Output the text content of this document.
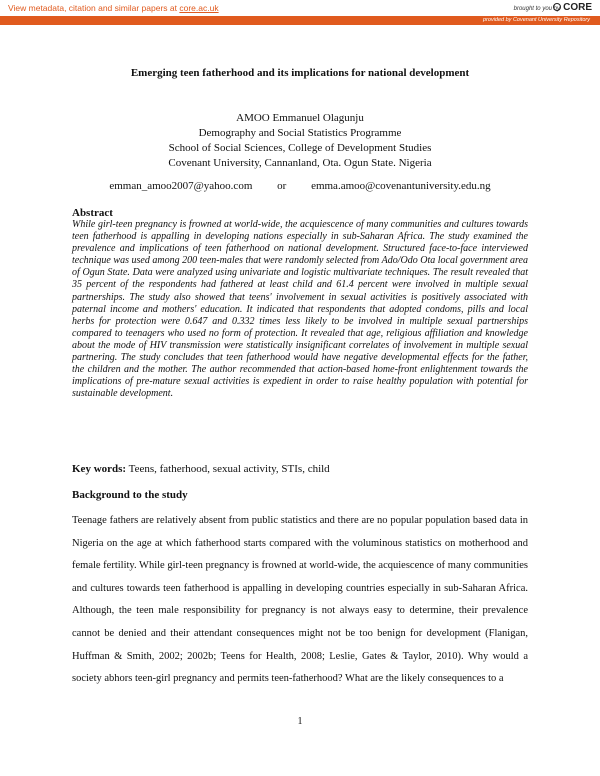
View metadata, citation and similar papers at core.ac.uk	brought to you by CORE
provided by Covenant University Repository
Emerging teen fatherhood and its implications for national development
AMOO Emmanuel Olagunju
Demography and Social Statistics Programme
School of Social Sciences, College of Development Studies
Covenant University, Cannanland, Ota. Ogun State. Nigeria
emman_amoo2007@yahoo.com or emma.amoo@covenantuniversity.edu.ng
Abstract
While girl-teen pregnancy is frowned at world-wide, the acquiescence of many communities and cultures towards teen fatherhood is appalling in developing nations especially in sub-Saharan Africa. The study examined the prevalence and implications of teen fatherhood on national development. Structured face-to-face interviewed technique was used among 200 teen-males that were randomly selected from Ado/Odo Ota local government area of Ogun State. Data were analyzed using univariate and logistic multivariate techniques. The result revealed that 35 percent of the respondents had fathered at least child and 61.4 percent were involved in multiple sexual partnerships. The study also showed that teens' involvement in sexual activities is positively associated with paternal income and mothers' education. It indicated that respondents that adopted condoms, pills and local herbs for protection were 0.647 and 0.332 times less likely to be involved in multiple sexual partnerships compared to teenagers who used no form of protection. It revealed that age, religious affiliation and knowledge about the mode of HIV transmission were statistically insignificant correlates of involvement in multiple sexual partnering. The study concludes that teen fatherhood would have negative developmental effects for the father, the children and the mother. The author recommended that action-based home-front enlightenment towards the implications of pre-mature sexual activities is expedient in order to raise healthy population with potential for sustainable development.
Key words: Teens, fatherhood, sexual activity, STIs, child
Background to the study
Teenage fathers are relatively absent from public statistics and there are no popular population based data in Nigeria on the age at which fatherhood starts compared with the voluminous statistics on motherhood and female fertility. While girl-teen pregnancy is frowned at world-wide, the acquiescence of many communities and cultures towards teen fatherhood is appalling in developing countries especially in sub-Saharan Africa. Although, the teen male responsibility for pregnancy is not always easy to determine, their prevalence cannot be denied and their attendant consequences might not be too benign for development (Flanigan, Huffman & Smith, 2002; 2002b; Teens for Health, 2008; Leslie, Gates & Taylor, 2010). Why would a society abhors teen-girl pregnancy and permits teen-fatherhood? What are the likely consequences to a
1
